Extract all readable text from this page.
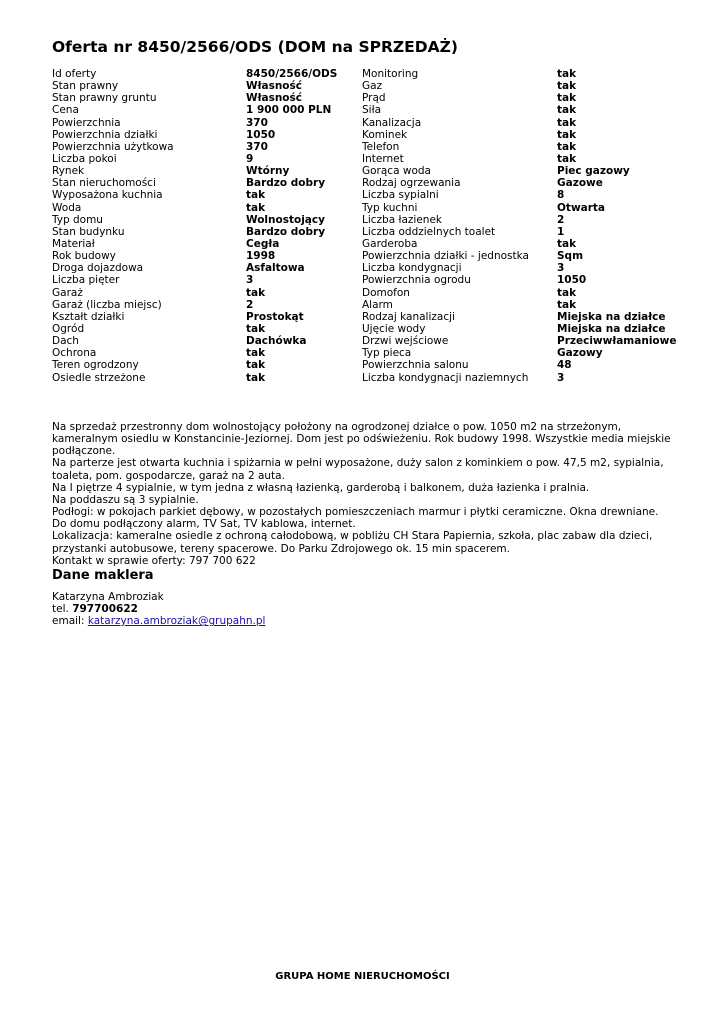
Oferta nr 8450/2566/ODS (DOM na SPRZEDAŻ)
Id oferty	8450/2566/ODS	Monitoring	tak
Stan prawny	Własność	Gaz	tak
Stan prawny gruntu	Własność	Prąd	tak
Cena	1 900 000 PLN	Siła	tak
Powierzchnia	370	Kanalizacja	tak
Powierzchnia działki	1050	Kominek	tak
Powierzchnia użytkowa	370	Telefon	tak
Liczba pokoi	9	Internet	tak
Rynek	Wtórny	Gorąca woda	Piec gazowy
Stan nieruchomości	Bardzo dobry	Rodzaj ogrzewania	Gazowe
Wyposażona kuchnia	tak	Liczba sypialni	8
Woda	tak	Typ kuchni	Otwarta
Typ domu	Wolnostojący	Liczba łazienek	2
Stan budynku	Bardzo dobry	Liczba oddzielnych toalet	1
Materiał	Cegła	Garderoba	tak
Rok budowy	1998	Powierzchnia działki - jednostka	Sqm
Droga dojazdowa	Asfaltowa	Liczba kondygnacji	3
Liczba pięter	3	Powierzchnia ogrodu	1050
Garaż	tak	Domofon	tak
Garaż (liczba miejsc)	2	Alarm	tak
Kształt działki	Prostokąt	Rodzaj kanalizacji	Miejska na działce
Ogród	tak	Ujęcie wody	Miejska na działce
Dach	Dachówka	Drzwi wejściowe	Przeciwwłamaniowe
Ochrona	tak	Typ pieca	Gazowy
Teren ogrodzony	tak	Powierzchnia salonu	48
Osiedle strzeżone	tak	Liczba kondygnacji naziemnych	3

Na sprzedaż przestronny dom wolnostojący położony na ogrodzonej działce o pow. 1050 m2 na strzeżonym, kameralnym osiedlu w Konstancinie-Jeziornej. Dom jest po odświeżeniu. Rok budowy 1998. Wszystkie media miejskie podłączone.

Na parterze jest otwarta kuchnia i spiżarnia w pełni wyposażone, duży salon z kominkiem o pow. 47,5 m2, sypialnia, toaleta, pom. gospodarcze, garaż na 2 auta.

Na I piętrze 4 sypialnie, w tym jedna z własną łazienką, garderobą i balkonem, duża łazienka i pralnia.

Na poddaszu są 3 sypialnie.

Podłogi: w pokojach parkiet dębowy, w pozostałych pomieszczeniach marmur i płytki ceramiczne. Okna drewniane.

Do domu podłączony alarm, TV Sat, TV kablowa, internet.

Lokalizacja: kameralne osiedle z ochroną całodobową, w pobliżu CH Stara Papiernia, szkoła, plac zabaw dla dzieci, przystanki autobusowe, tereny spacerowe. Do Parku Zdrojowego ok. 15 min spacerem.

Kontakt w sprawie oferty: 797 700 622

Dane maklera
Katarzyna Ambroziak
tel. 797700622
email: katarzyna.ambroziak@grupahn.pl
GRUPA HOME NIERUCHOMOŚCI
